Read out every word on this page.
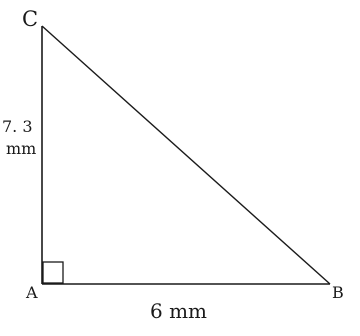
C
A	B
7. 3
mm
6 mm
